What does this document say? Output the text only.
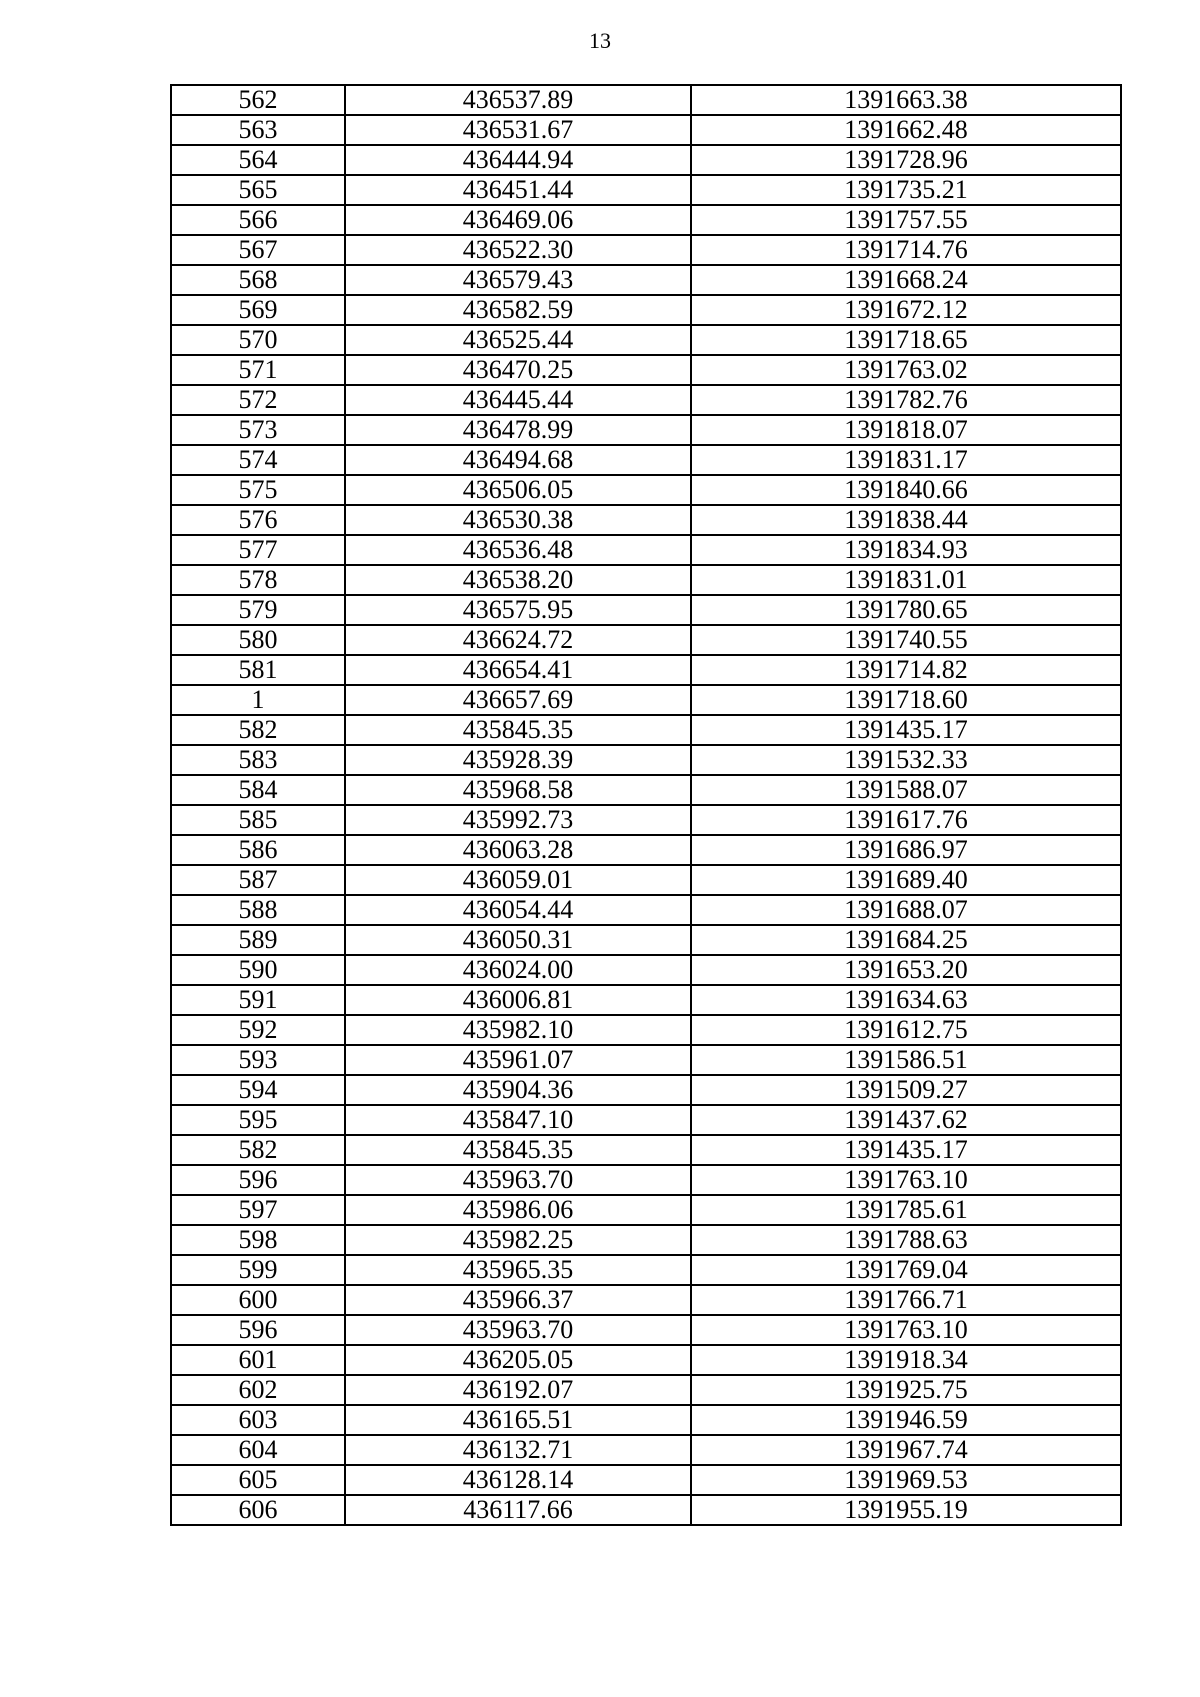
13
562	436537.89	1391663.38
563	436531.67	1391662.48
564	436444.94	1391728.96
565	436451.44	1391735.21
566	436469.06	1391757.55
567	436522.30	1391714.76
568	436579.43	1391668.24
569	436582.59	1391672.12
570	436525.44	1391718.65
571	436470.25	1391763.02
572	436445.44	1391782.76
573	436478.99	1391818.07
574	436494.68	1391831.17
575	436506.05	1391840.66
576	436530.38	1391838.44
577	436536.48	1391834.93
578	436538.20	1391831.01
579	436575.95	1391780.65
580	436624.72	1391740.55
581	436654.41	1391714.82
1	436657.69	1391718.60
582	435845.35	1391435.17
583	435928.39	1391532.33
584	435968.58	1391588.07
585	435992.73	1391617.76
586	436063.28	1391686.97
587	436059.01	1391689.40
588	436054.44	1391688.07
589	436050.31	1391684.25
590	436024.00	1391653.20
591	436006.81	1391634.63
592	435982.10	1391612.75
593	435961.07	1391586.51
594	435904.36	1391509.27
595	435847.10	1391437.62
582	435845.35	1391435.17
596	435963.70	1391763.10
597	435986.06	1391785.61
598	435982.25	1391788.63
599	435965.35	1391769.04
600	435966.37	1391766.71
596	435963.70	1391763.10
601	436205.05	1391918.34
602	436192.07	1391925.75
603	436165.51	1391946.59
604	436132.71	1391967.74
605	436128.14	1391969.53
606	436117.66	1391955.19
